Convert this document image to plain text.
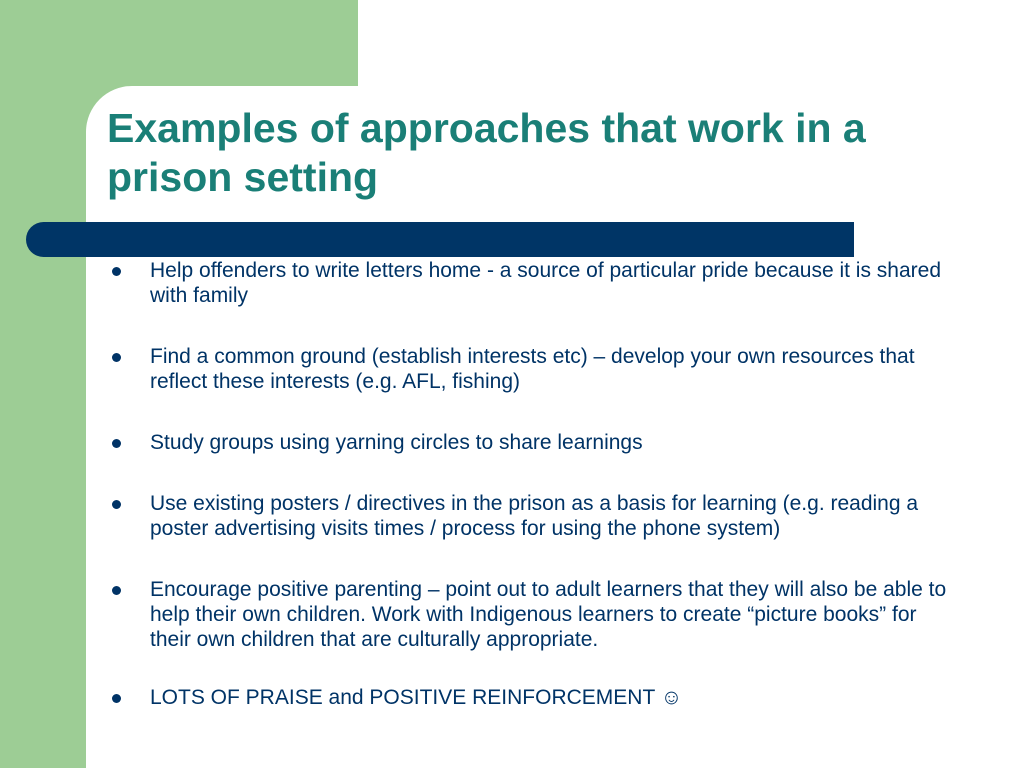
Examples of approaches that work in a prison setting
Help offenders to write letters home - a source of particular pride because it is shared with family
Find a common ground (establish interests etc) – develop your own resources that reflect these interests (e.g. AFL, fishing)
Study groups using yarning circles to share learnings
Use existing posters / directives in the prison as a basis for learning (e.g. reading a poster advertising visits times / process for using the phone system)
Encourage positive parenting – point out to adult learners that they will also be able to help their own children. Work with Indigenous learners to create “picture books” for their own children that are culturally appropriate.
LOTS OF PRAISE and POSITIVE REINFORCEMENT ☺
